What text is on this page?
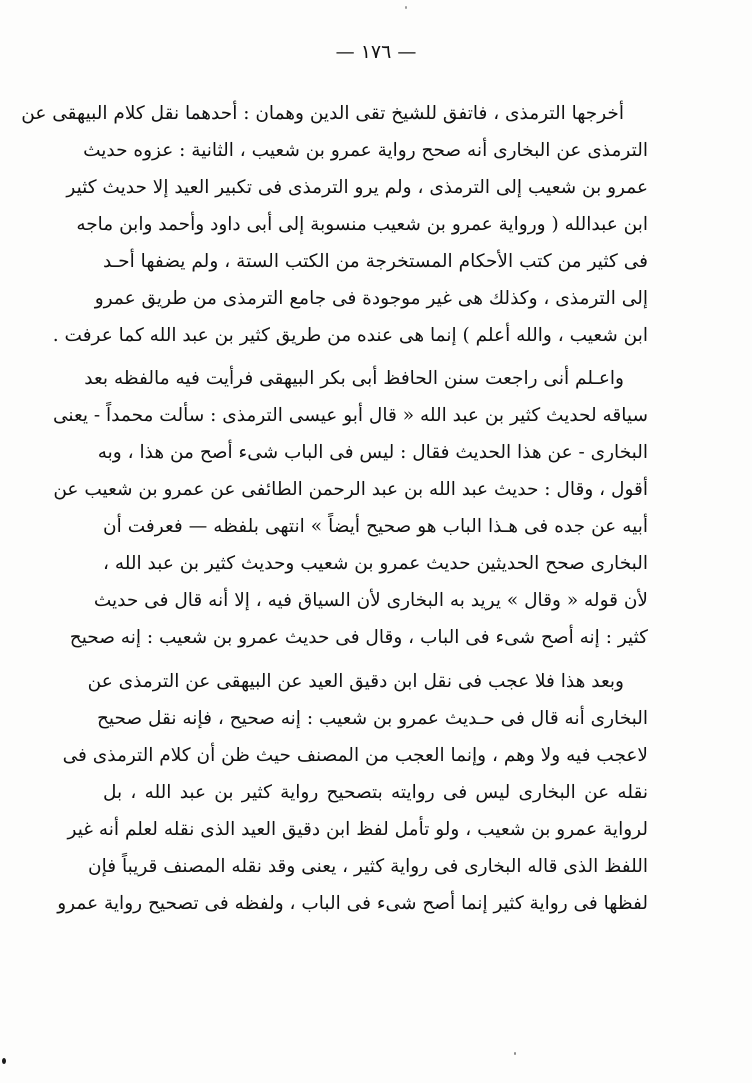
— ١٧٦ —
أخرجها الترمذى ، فاتفق للشيخ تقى الدين وهمان : أحدهما نقل كلام البيهقى عن
الترمذى عن البخارى أنه صحح رواية عمرو بن شعيب ، الثانية : عزوه حديث
عمرو بن شعيب إلى الترمذى ، ولم يرو الترمذى فى تكبير العيد إلا حديث كثير
ابن عبدالله ( ورواية عمرو بن شعيب منسوبة إلى أبى داود وأحمد وابن ماجه
فى كثير من كتب الأحكام المستخرجة من الكتب الستة ، ولم يضفها أحـد
إلى الترمذى ، وكذلك هى غير موجودة فى جامع الترمذى من طريق عمرو
ابن شعيب ، والله أعلم ) إنما هى عنده من طريق كثير بن عبد الله كما عرفت .
واعـلم أنى راجعت سنن الحافظ أبى بكر البيهقى فرأيت فيه مالفظه بعد
سياقه لحديث كثير بن عبد الله « قال أبو عيسى الترمذى : سألت محمداً - يعنى
البخارى - عن هذا الحديث فقال : ليس فى الباب شىء أصح من هذا ، وبه
أقول ، وقال : حديث عبد الله بن عبد الرحمن الطائفى عن عمرو بن شعيب عن
أبيه عن جده فى هـذا الباب هو صحيح أيضاً » انتهى بلفظه — فعرفت أن
البخارى صحح الحديثين حديث عمرو بن شعيب وحديث كثير بن عبد الله ،
لأن قوله « وقال » يريد به البخارى لأن السياق فيه ، إلا أنه قال فى حديث
كثير : إنه أصح شىء فى الباب ، وقال فى حديث عمرو بن شعيب : إنه صحيح
وبعد هذا فلا عجب فى نقل ابن دقيق العيد عن البيهقى عن الترمذى عن
البخارى أنه قال فى حـديث عمرو بن شعيب : إنه صحيح ، فإنه نقل صحيح
لاعجب فيه ولا وهم ، وإنما العجب من المصنف حيث ظن أن كلام الترمذى فى
نقله عن البخارى ليس فى روايته بتصحيح رواية كثير بن عبد الله ، بل
لرواية عمرو بن شعيب ، ولو تأمل لفظ ابن دقيق العيد الذى نقله لعلم أنه غير
اللفظ الذى قاله البخارى فى رواية كثير ، يعنى وقد نقله المصنف قريباً فإن
لفظها فى رواية كثير إنما أصح شىء فى الباب ، ولفظه فى تصحيح رواية عمرو
